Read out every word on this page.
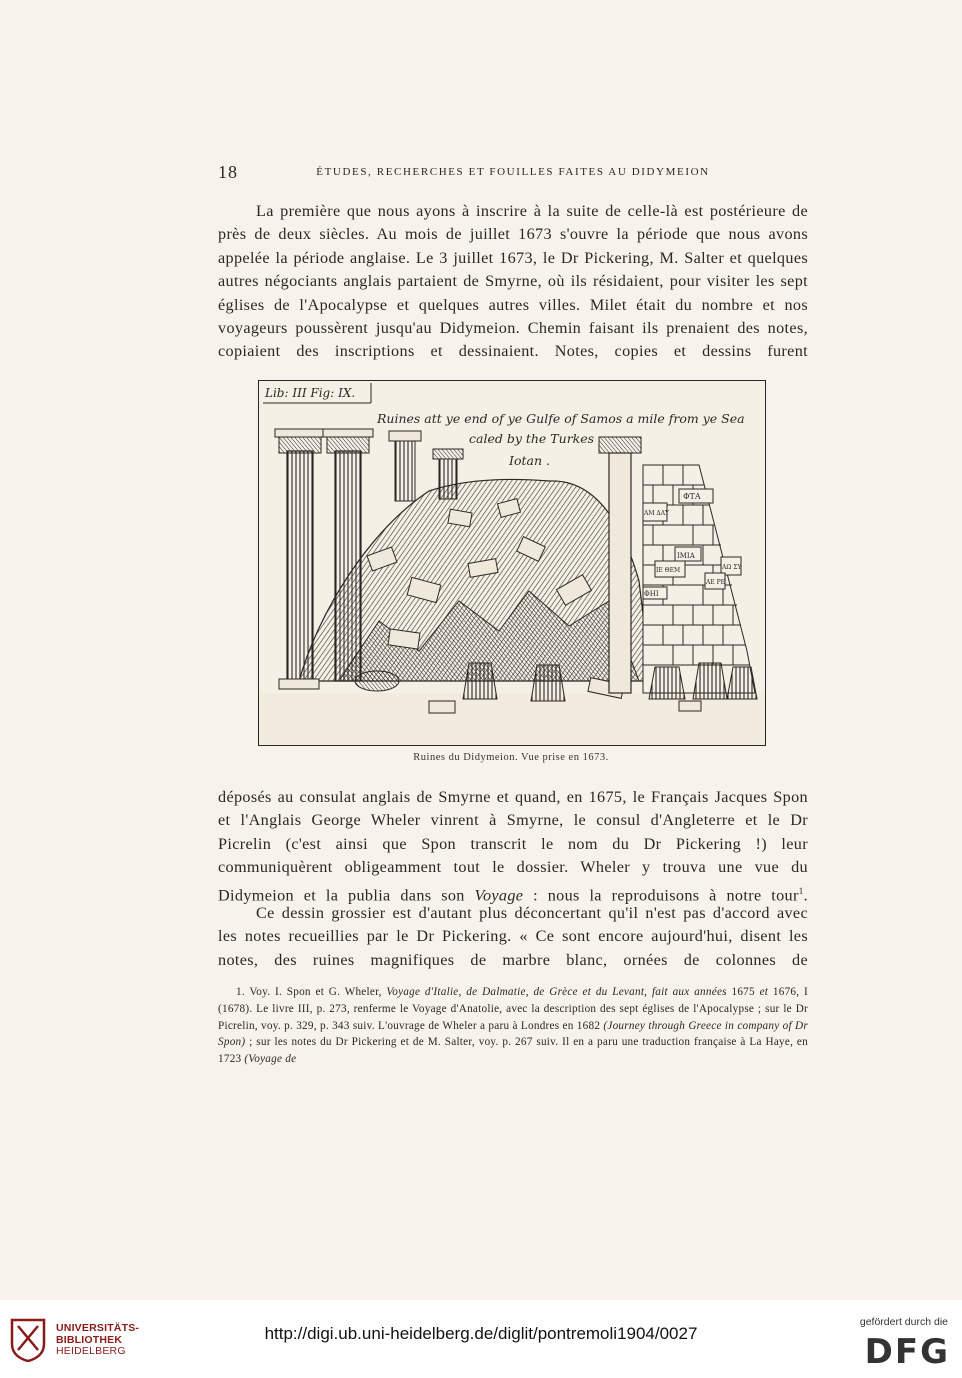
18	ÉTUDES, RECHERCHES ET FOUILLES FAITES AU DIDYMEION

La première que nous ayons à inscrire à la suite de celle-là est postérieure de près de deux siècles. Au mois de juillet 1673 s'ouvre la période que nous avons appelée la période anglaise. Le 3 juillet 1673, le Dr Pickering, M. Salter et quelques autres négociants anglais partaient de Smyrne, où ils résidaient, pour visiter les sept églises de l'Apocalypse et quelques autres villes. Milet était du nombre et nos voyageurs poussèrent jusqu'au Didymeion. Chemin faisant ils prenaient des notes, copiaient des inscriptions et dessinaient. Notes, copies et dessins furent

Lib: III Fig: IX.
ΦΤΑ
ΑΜ ΔΑΥ
ΙΜΙΑ
ΙΕ ΘΕΜ	ΑΩ ΣΥ
ΑΕ ΡΕ
ΦΗΙ
Ruines att ye end of ye Gulfe of Samos a mile from ye Sea
caled by the Turkes
Iotan .
Ruines du Didymeion. Vue prise en 1673.

déposés au consulat anglais de Smyrne et quand, en 1675, le Français Jacques Spon et l'Anglais George Wheler vinrent à Smyrne, le consul d'Angleterre et le Dr Picrelin (c'est ainsi que Spon transcrit le nom du Dr Pickering !) leur communiquèrent obligeamment tout le dossier. Wheler y trouva une vue du Didymeion et la publia dans son Voyage : nous la reproduisons à notre tour$^1$.

Ce dessin grossier est d'autant plus déconcertant qu'il n'est pas d'accord avec les notes recueillies par le Dr Pickering. « Ce sont encore aujourd'hui, disent les notes, des ruines magnifiques de marbre blanc, ornées de colonnes de

1. Voy. I. Spon et G. Wheler, Voyage d'Italie, de Dalmatie, de Grèce et du Levant, fait aux années 1675 et 1676, I (1678). Le livre III, p. 273, renferme le Voyage d'Anatolie, avec la description des sept églises de l'Apocalypse ; sur le Dr Picrelin, voy. p. 329, p. 343 suiv. L'ouvrage de Wheler a paru à Londres en 1682 (Journey through Greece in company of Dr Spon) ; sur les notes du Dr Pickering et de M. Salter, voy. p. 267 suiv. Il en a paru une traduction française à La Haye, en 1723 (Voyage de

UNIVERSITÄTS-
BIBLIOTHEK
HEIDELBERG
http://digi.ub.uni-heidelberg.de/diglit/pontremoli1904/0027
gefördert durch die
DFG
